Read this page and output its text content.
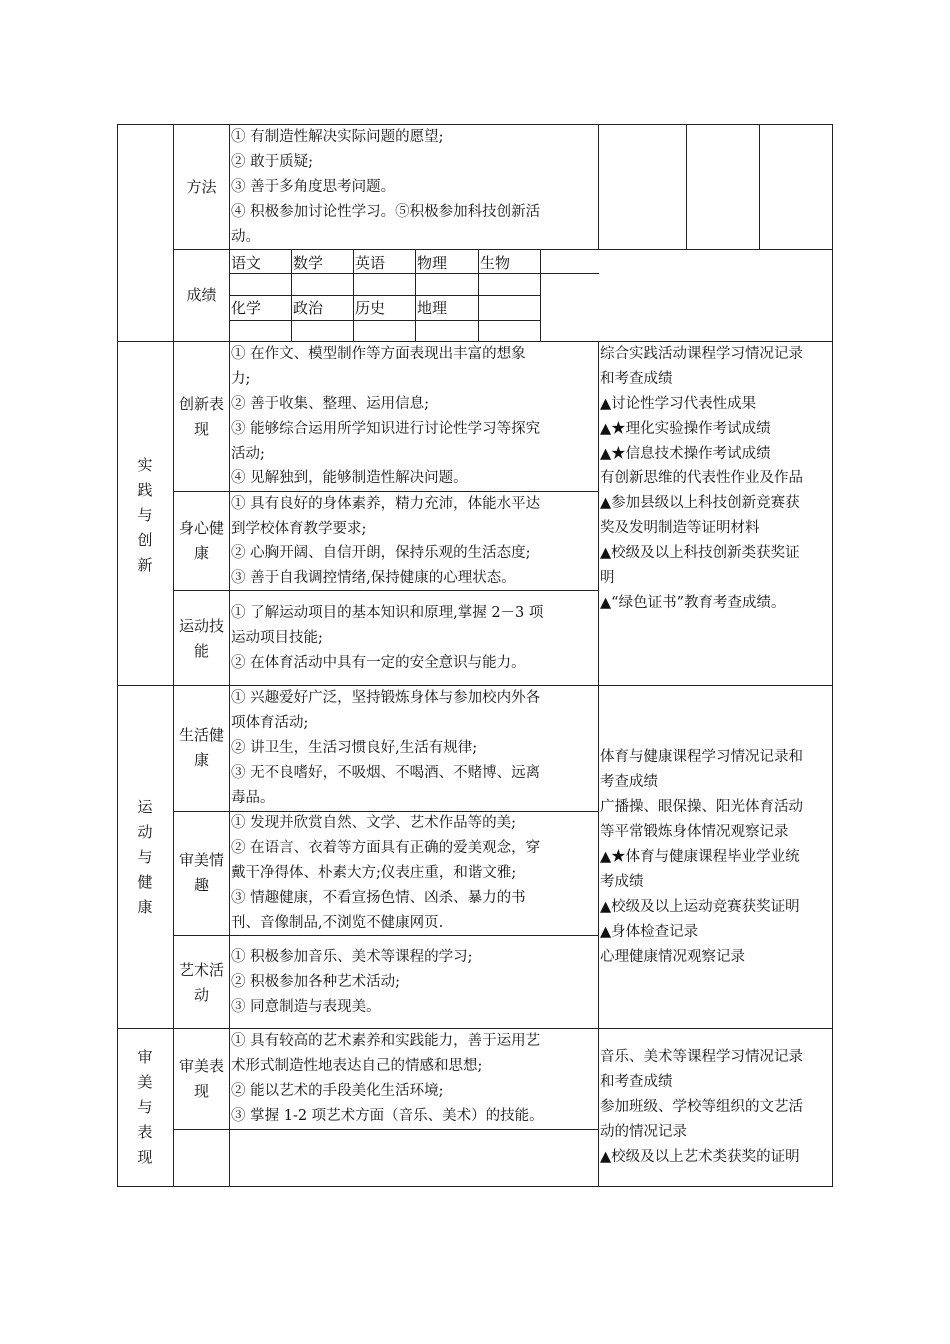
方法
① 有制造性解决实际问题的愿望;
② 敢于质疑;
③ 善于多角度思考问题。
④ 积极参加讨论性学习。⑤积极参加科技创新活
动。
成绩
语文 数学 英语 物理 生物
化学 政治 历史 地理
实
践
与
创
新
创新表
现
① 在作文、模型制作等方面表现出丰富的想象
力;
② 善于收集、整理、运用信息;
③ 能够综合运用所学知识进行讨论性学习等探究
活动;
④ 见解独到，能够制造性解决问题。
身心健
康
① 具有良好的身体素养，精力充沛，体能水平达
到学校体育教学要求;
② 心胸开阔、自信开朗，保持乐观的生活态度;
③ 善于自我调控情绪,保持健康的心理状态。
运动技
能
① 了解运动项目的基本知识和原理,掌握 2－3 项
运动项目技能;
② 在体育活动中具有一定的安全意识与能力。
综合实践活动课程学习情况记录
和考查成绩
▲讨论性学习代表性成果
▲★理化实验操作考试成绩
▲★信息技术操作考试成绩
有创新思维的代表性作业及作品
▲参加县级以上科技创新竞赛获
奖及发明制造等证明材料
▲校级及以上科技创新类获奖证
明
▲“绿色证书”教育考查成绩。
运
动
与
健
康
生活健
康
① 兴趣爱好广泛，坚持锻炼身体与参加校内外各
项体育活动;
② 讲卫生，生活习惯良好,生活有规律;
③ 无不良嗜好，不吸烟、不喝酒、不赌博、远离
毒品。
审美情
趣
① 发现并欣赏自然、文学、艺术作品等的美;
② 在语言、衣着等方面具有正确的爱美观念，穿
戴干净得体、朴素大方;仪表庄重，和谐文雅;
③ 情趣健康，不看宣扬色情、凶杀、暴力的书
刊、音像制品,不浏览不健康网页.
艺术活
动
① 积极参加音乐、美术等课程的学习;
② 积极参加各种艺术活动;
③ 同意制造与表现美。
体育与健康课程学习情况记录和
考查成绩
广播操、眼保操、阳光体育活动
等平常锻炼身体情况观察记录
▲★体育与健康课程毕业学业统
考成绩
▲校级及以上运动竞赛获奖证明
▲身体检查记录
心理健康情况观察记录
审
美
与
表
现
审美表
现
① 具有较高的艺术素养和实践能力，善于运用艺
术形式制造性地表达自己的情感和思想;
② 能以艺术的手段美化生活环境;
③ 掌握 1-2 项艺术方面（音乐、美术）的技能。
音乐、美术等课程学习情况记录
和考查成绩
参加班级、学校等组织的文艺活
动的情况记录
▲校级及以上艺术类获奖的证明
